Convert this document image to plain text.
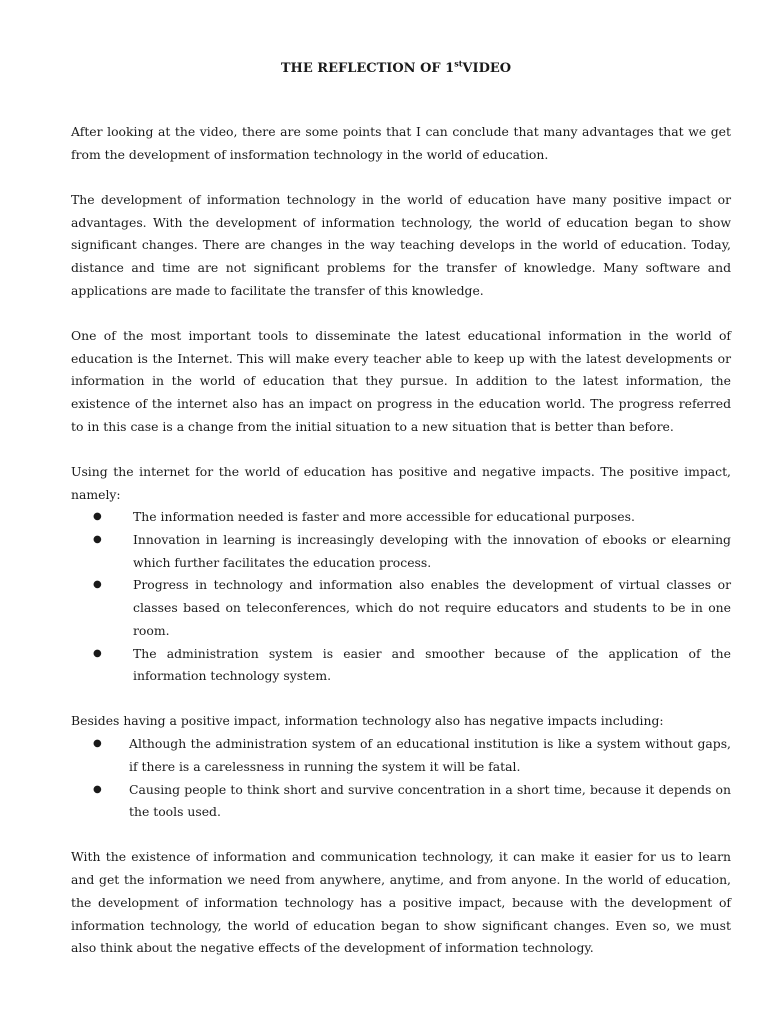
THE REFLECTION OF 1stVIDEO

After looking at the video, there are some points that I can conclude that many advantages that we get from the development of insformation technology in the world of education.

The development of information technology in the world of education have many positive impact or advantages. With the development of information technology, the world of education began to show significant changes. There are changes in the way teaching develops in the world of education. Today, distance and time are not significant problems for the transfer of knowledge. Many software and applications are made to facilitate the transfer of this knowledge.

One of the most important tools to disseminate the latest educational information in the world of education is the Internet. This will make every teacher able to keep up with the latest developments or information in the world of education that they pursue. In addition to the latest information, the existence of the internet also has an impact on progress in the education world. The progress referred to in this case is a change from the initial situation to a new situation that is better than before.

Using the internet for the world of education has positive and negative impacts. The positive impact, namely:

●	The information needed is faster and more accessible for educational purposes.
●	Innovation in learning is increasingly developing with the innovation of ebooks or elearning which further facilitates the education process.
●	Progress in technology and information also enables the development of virtual classes or classes based on teleconferences, which do not require educators and students to be in one room.
●	The administration system is easier and smoother because of the application of the information technology system.

Besides having a positive impact, information technology also has negative impacts including:

● Although the administration system of an educational institution is like a system without gaps, if there is a carelessness in running the system it will be fatal.
● Causing people to think short and survive concentration in a short time, because it depends on the tools used.

With the existence of information and communication technology, it can make it easier for us to learn and get the information we need from anywhere, anytime, and from anyone. In the world of education, the development of information technology has a positive impact, because with the development of information technology, the world of education began to show significant changes. Even so, we must also think about the negative effects of the development of information technology.
